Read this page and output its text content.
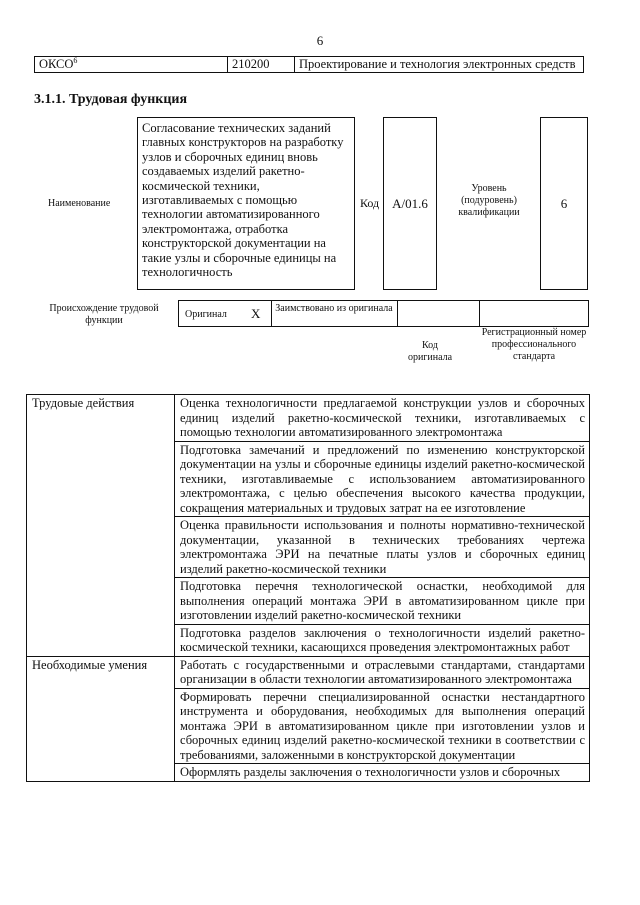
6
ОКСО$^6$	210200	Проектирование и технология электронных средств
3.1.1. Трудовая функция
Наименование
Согласование технических заданий главных конструкторов на разработку узлов и сборочных единиц вновь создаваемых изделий ракетно-космической техники, изготавливаемых с помощью технологии автоматизированного электромонтажа, отработка конструкторской документации на такие узлы и сборочные единицы на технологичность
Код А/01.6
Уровень (подуровень) квалификации
6
Происхождение трудовой функции
Оригинал X Заимствовано из оригинала
Код оригинала
Регистрационный номер профессионального стандарта
Трудовые действия	Оценка технологичности предлагаемой конструкции узлов и сборочных единиц изделий ракетно-космической техники, изготавливаемых с помощью технологии автоматизированного электромонтажа
	Подготовка замечаний и предложений по изменению конструкторской документации на узлы и сборочные единицы изделий ракетно-космической техники, изготавливаемые с использованием автоматизированного электромонтажа, с целью обеспечения высокого качества продукции, сокращения материальных и трудовых затрат на ее изготовление
	Оценка правильности использования и полноты нормативно-технической документации, указанной в технических требованиях чертежа электромонтажа ЭРИ на печатные платы узлов и сборочных единиц изделий ракетно-космической техники
	Подготовка перечня технологической оснастки, необходимой для выполнения операций монтажа ЭРИ в автоматизированном цикле при изготовлении изделий ракетно-космической техники
	Подготовка разделов заключения о технологичности изделий ракетно-космической техники, касающихся проведения электромонтажных работ
Необходимые умения	Работать с государственными и отраслевыми стандартами, стандартами организации в области технологии автоматизированного электромонтажа
	Формировать перечни специализированной оснастки нестандартного инструмента и оборудования, необходимых для выполнения операций монтажа ЭРИ в автоматизированном цикле при изготовлении узлов и сборочных единиц изделий ракетно-космической техники в соответствии с требованиями, заложенными в конструкторской документации
	Оформлять разделы заключения о технологичности узлов и сборочных
